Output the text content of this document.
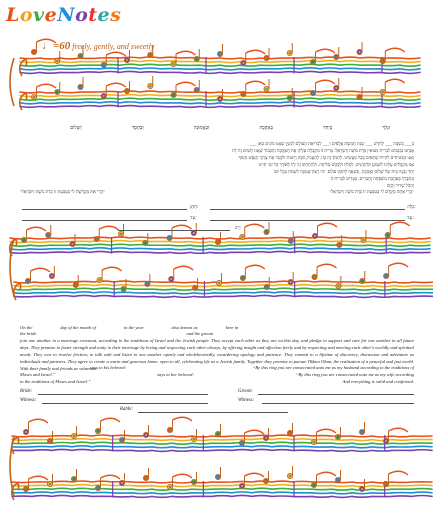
LoveNotes
♩=60 freely, gently, and sweetly
וּנְלֵךְ
בְּיַחַד
בְּאַהֲבָה
וּבְאֱמוּנָה
וּבְחֶסֶד
וְשָׁלוֹם
בְּ___ בְּשַׁבָּת ___ לְחֹדֶשׁ ___ שְׁנַת חֲמֵשֶׁת אֲלָפִים וּ___ לִבְרִיאַת הָעוֹלָם לְמִנְיָן שֶׁאָנוּ מוֹנִים כָּאן ___
אֲנַחְנוּ נִכְנָסִים לִבְרִית נִשּׂוּאִין כְּדַת מֹשֶׁה וְיִשְׂרָאֵל. בְּרִית זוֹ מְקַבֶּלֶת עָלֶיהָ אֶת הָאַהֲבָה וְהַכָּבוֹד שֶׁאָנוּ חָשִׁים זֶה לְזוֹ
וְאָנוּ מַבְטִיחִים לִהְיוֹת שֻׁתָּפִים בְּכָל מַעֲשֵׂינוּ, לִתְמֹךְ זֶה בָּזוֹ, לְהַעֲנִיק חִבָּה וְרֵעוּת וּלְכַבֵּד אֶת צָרְכֵי הַנֶּפֶשׁ וְהַגּוּף
אָנוּ מְקַבְּלִים עָלֵינוּ לִשְׁמֹעַ וּלְהַקְשִׁיב, לִסְלֹחַ וּלְבַקֵּשׁ סְלִיחָה, וּלְהִתְחַיֵּב זֶה לָזוֹ לְאוֹרֶךְ כָּל יְמֵי חַיֵּינוּ
יַחַד נִבְנֶה בַּיִת שֶׁל שָׁלוֹם וְאַהֲבָה, וְנִשְׁאַף לְתִקּוּן עוֹלָם. יְהִי רָצוֹן שֶׁנִּזְכֶּה לִשְׂמֹחַ בְּכָל יוֹם
וְנִתְבָּרֵךְ בְּאַהֲבַת מִשְׁפָּחָה וְחֲבֵרִים, כְּעֵדִים לִבְרִית זוֹ
וְהַכֹּל שָׁרִיר וְקַיָּם
״הֲרֵי אַתָּה מְקֻדָּשׁ לִי בְּטַבַּעַת זוֹ כְּדַת מֹשֶׁה וְיִשְׂרָאֵל״
״הֲרֵי אַתְּ מְקֻדֶּשֶׁת לִי בְּטַבַּעַת זוֹ כְּדַת מֹשֶׁה וְיִשְׂרָאֵל״
חָתָן:	כַּלָּה:
עֵד:	עֵד:
רַב:
On the	day of the month of	in the year	also known as	here in
the bride	and the groom
join one another in a marriage covenant, according to the traditions of Israel and the Jewish people. They accept each other as they are on this day, and pledge to support and care for one another in all future days. They promise to foster strength and unity in their marriage by loving and respecting each other always, by offering insight and affection freely and by respecting and meeting each other's worldly and spiritual needs. They vow to resolve friction, to talk with and listen to one another openly and wholeheartedly, considering apology and patience. They commit to a lifetime of discovery, discussion and adventure as individuals and partners. They agree to create a warm and generous home, open to all, celebrating life as a Jewish family. Together they promise to pursue Tikkun Olam, the realization of a peaceful and just world. With their family and friends as witnesses
says to his beloved:	“By this ring you are consecrated unto me as my husband according to the traditions of
Moses and Israel.”	says to her beloved:	“By this ring you are consecrated unto me as my wife according
to the traditions of Moses and Israel.”	And everything is valid and confirmed.
Bride:	Groom:
Witness:	Witness:
Rabbi:
